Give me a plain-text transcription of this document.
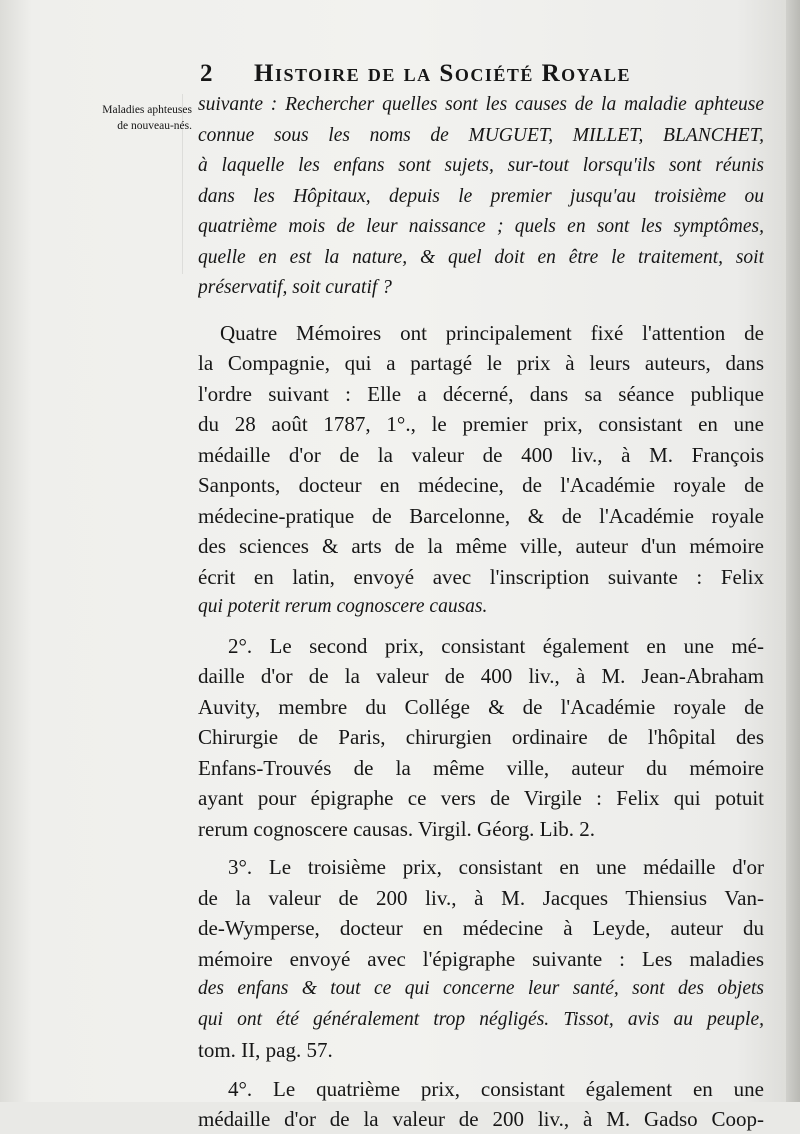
2 Histoire de la Société Royale
Maladies aphteuses
de nouveau-nés.
suivante : Rechercher quelles sont les causes de la maladie aphteuse
connue sous les noms de MUGUET, MILLET, BLANCHET,
à laquelle les enfans sont sujets, sur-tout lorsqu'ils sont réunis
dans les Hôpitaux, depuis le premier jusqu'au troisième ou
quatrième mois de leur naissance ; quels en sont les symptômes,
quelle en est la nature, & quel doit en être le traitement, soit
préservatif, soit curatif ?
Quatre Mémoires ont principalement fixé l'attention de
la Compagnie, qui a partagé le prix à leurs auteurs, dans
l'ordre suivant : Elle a décerné, dans sa séance publique
du 28 août 1787, 1°., le premier prix, consistant en une
médaille d'or de la valeur de 400 liv., à M. François
Sanponts, docteur en médecine, de l'Académie royale de
médecine-pratique de Barcelonne, & de l'Académie royale
des sciences & arts de la même ville, auteur d'un mémoire
écrit en latin, envoyé avec l'inscription suivante : Felix
qui poterit rerum cognoscere causas.
2°. Le second prix, consistant également en une mé-
daille d'or de la valeur de 400 liv., à M. Jean-Abraham
Auvity, membre du Collége & de l'Académie royale de
Chirurgie de Paris, chirurgien ordinaire de l'hôpital des
Enfans-Trouvés de la même ville, auteur du mémoire
ayant pour épigraphe ce vers de Virgile : Felix qui potuit
rerum cognoscere causas. Virgil. Géorg. Lib. 2.
3°. Le troisième prix, consistant en une médaille d'or
de la valeur de 200 liv., à M. Jacques Thiensius Van-
de-Wymperse, docteur en médecine à Leyde, auteur du
mémoire envoyé avec l'épigraphe suivante : Les maladies
des enfans & tout ce qui concerne leur santé, sont des objets
qui ont été généralement trop négligés. Tissot, avis au peuple,
tom. II, pag. 57.
4°. Le quatrième prix, consistant également en une
médaille d'or de la valeur de 200 liv., à M. Gadso Coop-
